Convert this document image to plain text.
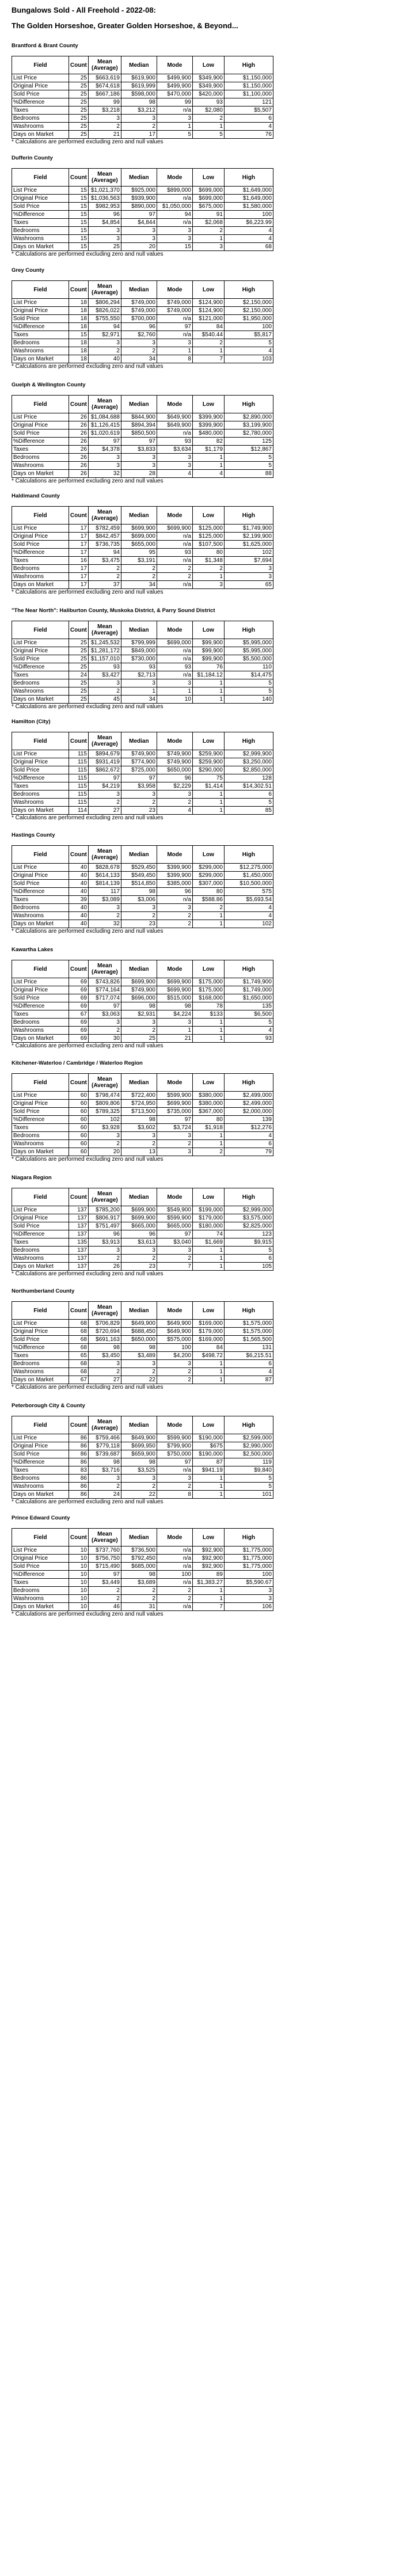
Bungalows Sold - All Freehold - 2022-08:
The Golden Horseshoe, Greater Golden Horseshoe, & Beyond...
Brantford & Brant County
Field	Count	Mean (Average)	Median	Mode	Low	High
List Price	25	$663,619	$619,900	$499,900	$349,900	$1,150,000
Original Price	25	$674,618	$619,999	$499,900	$349,900	$1,150,000
Sold Price	25	$667,186	$598,000	$470,000	$420,000	$1,100,000
%Difference	25	99	98	99	93	121
Taxes	25	$3,218	$3,212	n/a	$2,080	$5,507
Bedrooms	25	3	3	3	2	6
Washrooms	25	2	2	1	1	4
Days on Market	25	21	17	5	5	76

* Calculations are performed excluding zero and null values

Dufferin County
Field	Count	Mean (Average)	Median	Mode	Low	High
List Price	15	$1,021,370	$925,000	$899,000	$699,000	$1,649,000
Original Price	15	$1,036,563	$939,900	n/a	$699,000	$1,649,000
Sold Price	15	$982,953	$890,000	$1,050,000	$675,000	$1,580,000
%Difference	15	96	97	94	91	100
Taxes	15	$4,854	$4,844	n/a	$2,068	$6,223.99
Bedrooms	15	3	3	3	2	4
Washrooms	15	3	3	3	1	4
Days on Market	15	25	20	15	3	68

* Calculations are performed excluding zero and null values

Grey County
Field	Count	Mean (Average)	Median	Mode	Low	High
List Price	18	$806,294	$749,000	$749,000	$124,900	$2,150,000
Original Price	18	$826,022	$749,000	$749,000	$124,900	$2,150,000
Sold Price	18	$755,550	$700,000	n/a	$121,000	$1,950,000
%Difference	18	94	96	97	84	100
Taxes	15	$2,971	$2,760	n/a	$540.44	$5,817
Bedrooms	18	3	3	3	2	5
Washrooms	18	2	2	1	1	4
Days on Market	18	40	34	8	7	103

* Calculations are performed excluding zero and null values

Guelph & Wellington County
Field	Count	Mean (Average)	Median	Mode	Low	High
List Price	26	$1,084,688	$844,900	$649,900	$399,900	$2,890,000
Original Price	26	$1,126,415	$894,394	$649,900	$399,900	$3,199,900
Sold Price	26	$1,020,619	$850,500	n/a	$480,000	$2,780,000
%Difference	26	97	97	93	82	125
Taxes	26	$4,378	$3,833	$3,634	$1,179	$12,867
Bedrooms	26	3	3	3	1	5
Washrooms	26	3	3	3	1	5
Days on Market	26	32	28	4	4	88

* Calculations are performed excluding zero and null values

Haldimand County
Field	Count	Mean (Average)	Median	Mode	Low	High
List Price	17	$782,459	$699,900	$699,900	$125,000	$1,749,900
Original Price	17	$842,457	$699,000	n/a	$125,000	$2,199,900
Sold Price	17	$736,735	$655,000	n/a	$107,500	$1,625,000
%Difference	17	94	95	93	80	102
Taxes	16	$3,475	$3,191	n/a	$1,348	$7,694
Bedrooms	17	2	2	2	2	3
Washrooms	17	2	2	2	1	3
Days on Market	17	37	34	n/a	3	65

* Calculations are performed excluding zero and null values

"The Near North": Haliburton County, Muskoka District, & Parry Sound District
Field	Count	Mean (Average)	Median	Mode	Low	High
List Price	25	$1,245,532	$799,999	$699,000	$99,900	$5,995,000
Original Price	25	$1,281,172	$849,000	n/a	$99,900	$5,995,000
Sold Price	25	$1,157,010	$730,000	n/a	$99,900	$5,500,000
%Difference	25	93	93	93	76	110
Taxes	24	$3,427	$2,713	n/a	$1,184.12	$14,475
Bedrooms	25	3	3	3	1	5
Washrooms	25	2	1	1	1	5
Days on Market	25	45	34	10	1	140

* Calculations are performed excluding zero and null values

Hamilton (City)
Field	Count	Mean (Average)	Median	Mode	Low	High
List Price	115	$894,679	$749,900	$749,900	$259,900	$2,999,900
Original Price	115	$931,419	$774,900	$749,900	$259,900	$3,250,000
Sold Price	115	$862,672	$725,000	$650,000	$290,000	$2,850,000
%Difference	115	97	97	96	75	128
Taxes	115	$4,219	$3,958	$2,229	$1,414	$14,302.51
Bedrooms	115	3	3	3	1	6
Washrooms	115	2	2	2	1	5
Days on Market	114	27	23	4	1	85

* Calculations are performed excluding zero and null values

Hastings County
Field	Count	Mean (Average)	Median	Mode	Low	High
List Price	40	$828,678	$529,450	$399,900	$299,000	$12,275,000
Original Price	40	$614,133	$549,450	$399,900	$299,000	$1,450,000
Sold Price	40	$814,139	$514,850	$385,000	$307,000	$10,500,000
%Difference	40	117	98	96	80	575
Taxes	39	$3,089	$3,006	n/a	$588.86	$5,693.54
Bedrooms	40	3	3	3	2	4
Washrooms	40	2	2	2	1	4
Days on Market	40	32	23	2	1	102

* Calculations are performed excluding zero and null values

Kawartha Lakes
Field	Count	Mean (Average)	Median	Mode	Low	High
List Price	69	$743,826	$699,900	$699,900	$175,000	$1,749,900
Original Price	69	$774,164	$749,900	$699,900	$175,000	$1,749,000
Sold Price	69	$717,074	$696,000	$515,000	$168,000	$1,650,000
%Difference	69	97	98	98	78	135
Taxes	67	$3,063	$2,931	$4,224	$133	$6,500
Bedrooms	69	3	3	3	1	5
Washrooms	69	2	2	1	1	4
Days on Market	69	30	25	21	1	93

* Calculations are performed excluding zero and null values

Kitchener-Waterloo / Cambridge / Waterloo Region
Field	Count	Mean (Average)	Median	Mode	Low	High
List Price	60	$798,474	$722,400	$599,900	$380,000	$2,499,000
Original Price	60	$809,806	$724,950	$699,900	$380,000	$2,499,000
Sold Price	60	$789,325	$713,500	$735,000	$367,000	$2,000,000
%Difference	60	102	98	97	80	139
Taxes	60	$3,928	$3,602	$3,724	$1,918	$12,276
Bedrooms	60	3	3	3	1	4
Washrooms	60	2	2	2	1	6
Days on Market	60	20	13	3	2	79

* Calculations are performed excluding zero and null values

Niagara Region
Field	Count	Mean (Average)	Median	Mode	Low	High
List Price	137	$785,200	$699,900	$549,900	$199,000	$2,999,000
Original Price	137	$806,917	$699,900	$599,900	$179,000	$3,575,000
Sold Price	137	$751,497	$665,000	$665,000	$180,000	$2,825,000
%Difference	137	96	96	97	74	123
Taxes	135	$3,913	$3,613	$3,040	$1,669	$9,915
Bedrooms	137	3	3	3	1	5
Washrooms	137	2	2	2	1	6
Days on Market	137	26	23	7	1	105

* Calculations are performed excluding zero and null values

Northumberland County
Field	Count	Mean (Average)	Median	Mode	Low	High
List Price	68	$706,829	$649,900	$649,900	$169,000	$1,575,000
Original Price	68	$720,694	$688,450	$649,900	$179,000	$1,575,000
Sold Price	68	$691,163	$650,000	$575,000	$169,000	$1,565,500
%Difference	68	98	98	100	84	131
Taxes	65	$3,450	$3,489	$4,200	$498.72	$6,215.51
Bedrooms	68	3	3	3	1	6
Washrooms	68	2	2	2	1	4
Days on Market	67	27	22	2	1	87

* Calculations are performed excluding zero and null values

Peterborough City & County
Field	Count	Mean (Average)	Median	Mode	Low	High
List Price	86	$759,466	$649,900	$599,900	$190,000	$2,599,000
Original Price	86	$779,118	$699,950	$799,900	$675	$2,990,000
Sold Price	86	$739,687	$659,900	$750,000	$190,000	$2,500,000
%Difference	86	98	98	97	87	119
Taxes	83	$3,716	$3,525	n/a	$941.19	$9,840
Bedrooms	86	3	3	3	1	5
Washrooms	86	2	2	2	1	5
Days on Market	86	24	22	8	1	101

* Calculations are performed excluding zero and null values

Prince Edward County
Field	Count	Mean (Average)	Median	Mode	Low	High
List Price	10	$737,760	$736,500	n/a	$92,900	$1,775,000
Original Price	10	$756,750	$792,450	n/a	$92,900	$1,775,000
Sold Price	10	$715,490	$685,000	n/a	$92,900	$1,775,000
%Difference	10	97	98	100	89	100
Taxes	10	$3,449	$3,689	n/a	$1,383.27	$5,590.67
Bedrooms	10	2	2	2	1	3
Washrooms	10	2	2	2	1	3
Days on Market	10	46	31	n/a	7	106

* Calculations are performed excluding zero and null values
